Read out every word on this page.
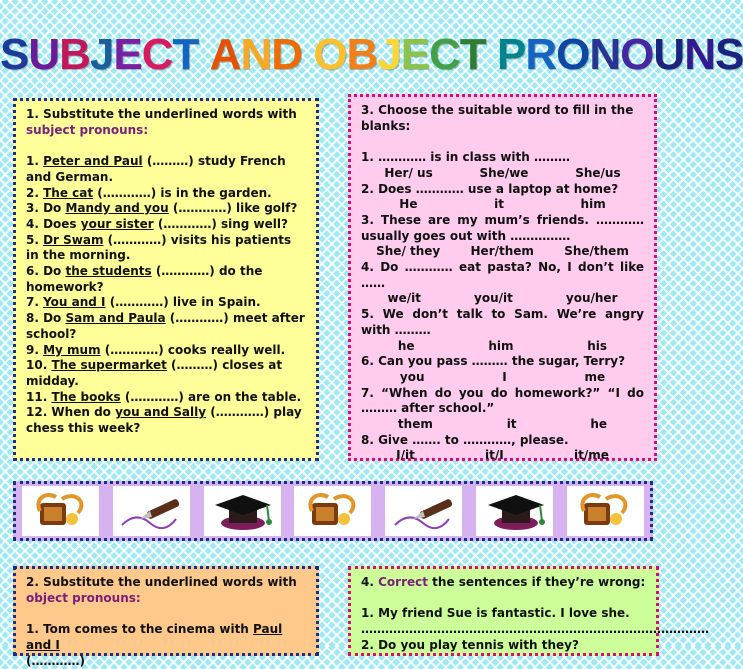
SUBJECT AND OBJECT PRONOUNS

1. Substitute the underlined words with
subject pronouns:

1. Peter and Paul (………) study French and German.

2. The cat (…………) is in the garden.

3. Do Mandy and you (…………) like golf?

4. Does your sister (…………) sing well?

5. Dr Swam (…………) visits his patients in the morning.

6. Do the students (…………) do the homework?

7. You and I (…………) live in Spain.

8. Do Sam and Paula (…………) meet after school?

9. My mum (…………) cooks really well.

10. The supermarket (………) closes at midday.

11. The books (…………) are on the table.

12. When do you and Sally (…………) play chess this week?

3. Choose the suitable word to fill in the blanks:

1. ………… is in class with ………

Her/ us	She/we	She/us

2. Does ………… use a laptop at home?

He	it	him

3. These are my mum’s friends. ………… usually goes out with ……………

She/ they	Her/them	She/them

4. Do ………… eat pasta? No, I don’t like ……

we/it	you/it	you/her

5. We don’t talk to Sam. We’re angry with ………

he	him	his

6. Can you pass ……… the sugar, Terry?

you	I	me

7. “When do you do homework?” “I do ……… after school.”

them	it	he

8. Give ……. to …………, please.

I/it	it/I	it/me

2. Substitute the underlined words with object pronouns:

1. Tom comes to the cinema with Paul and I
(…………)

4. Correct the sentences if they’re wrong:

1. My friend Sue is fantastic. I love she.

……………………………………………………………………………

2. Do you play tennis with they?
